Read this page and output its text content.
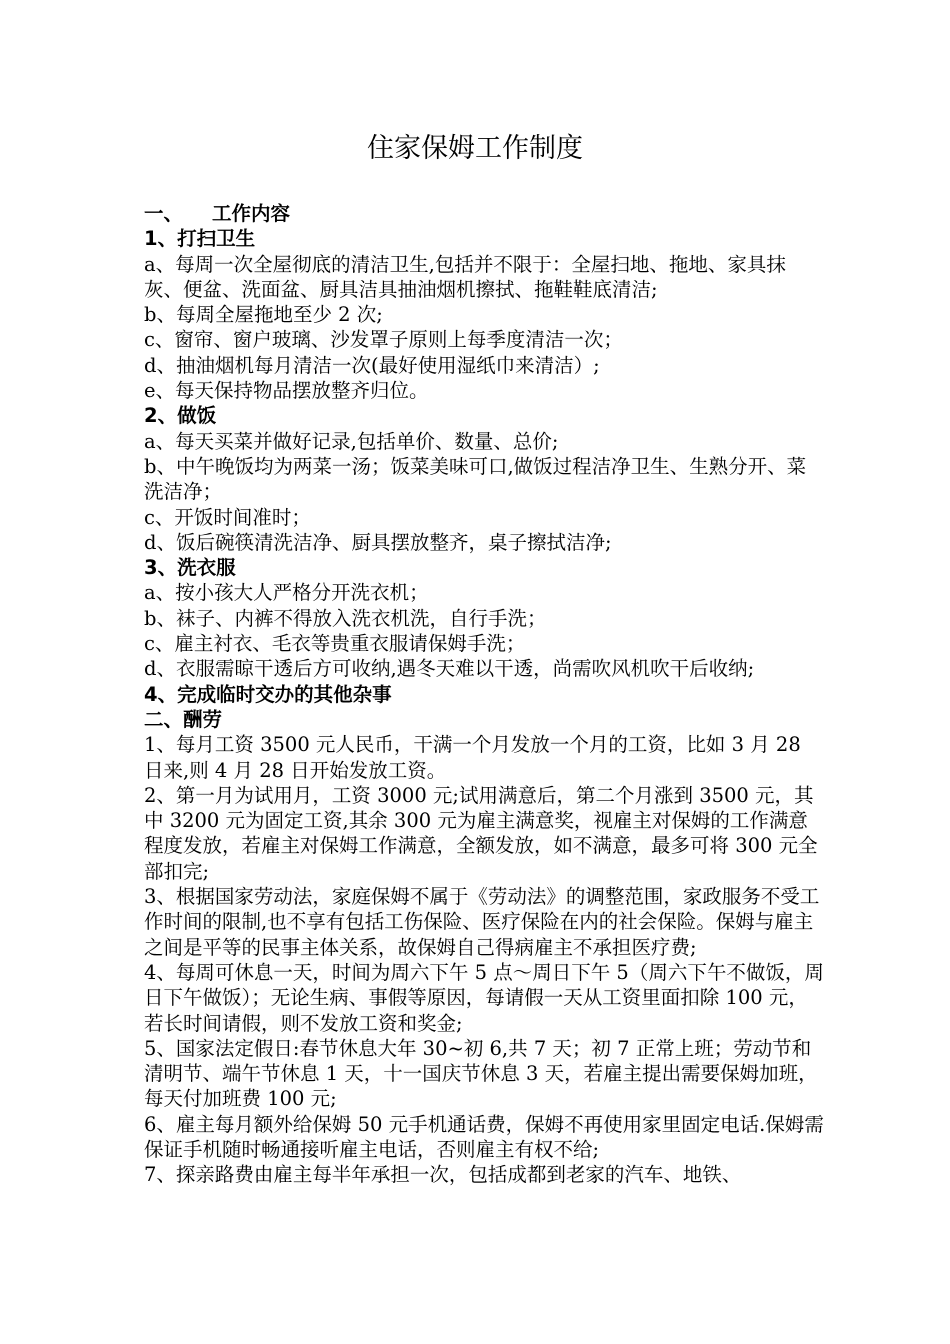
住家保姆工作制度

一、 工作内容

1、打扫卫生

a、每周一次全屋彻底的清洁卫生,包括并不限于：全屋扫地、拖地、家具抹灰、便盆、洗面盆、厨具洁具抽油烟机擦拭、拖鞋鞋底清洁;

b、每周全屋拖地至少 2 次;

c、窗帘、窗户玻璃、沙发罩子原则上每季度清洁一次；

d、抽油烟机每月清洁一次(最好使用湿纸巾来清洁）;

e、每天保持物品摆放整齐归位。

2、做饭

a、每天买菜并做好记录,包括单价、数量、总价;

b、中午晚饭均为两菜一汤；饭菜美味可口,做饭过程洁净卫生、生熟分开、菜洗洁净；

c、开饭时间准时；

d、饭后碗筷清洗洁净、厨具摆放整齐，桌子擦拭洁净;

3、洗衣服

a、按小孩大人严格分开洗衣机；

b、袜子、内裤不得放入洗衣机洗，自行手洗；

c、雇主衬衣、毛衣等贵重衣服请保姆手洗；

d、衣服需晾干透后方可收纳,遇冬天难以干透，尚需吹风机吹干后收纳;

4、完成临时交办的其他杂事

二、酬劳

1、每月工资 3500 元人民币，干满一个月发放一个月的工资，比如 3 月 28 日来,则 4 月 28 日开始发放工资。

2、第一月为试用月，工资 3000 元;试用满意后，第二个月涨到 3500 元，其中 3200 元为固定工资,其余 300 元为雇主满意奖，视雇主对保姆的工作满意程度发放，若雇主对保姆工作满意，全额发放，如不满意，最多可将 300 元全部扣完;

3、根据国家劳动法，家庭保姆不属于《劳动法》的调整范围，家政服务不受工作时间的限制,也不享有包括工伤保险、医疗保险在内的社会保险。保姆与雇主之间是平等的民事主体关系，故保姆自己得病雇主不承担医疗费;

4、每周可休息一天，时间为周六下午 5 点～周日下午 5（周六下午不做饭，周日下午做饭）；无论生病、事假等原因，每请假一天从工资里面扣除 100 元，若长时间请假，则不发放工资和奖金;

5、国家法定假日:春节休息大年 30~初 6,共 7 天；初 7 正常上班；劳动节和清明节、端午节休息 1 天，十一国庆节休息 3 天，若雇主提出需要保姆加班，每天付加班费 100 元;

6、雇主每月额外给保姆 50 元手机通话费，保姆不再使用家里固定电话.保姆需保证手机随时畅通接听雇主电话，否则雇主有权不给;

7、探亲路费由雇主每半年承担一次，包括成都到老家的汽车、地铁、
